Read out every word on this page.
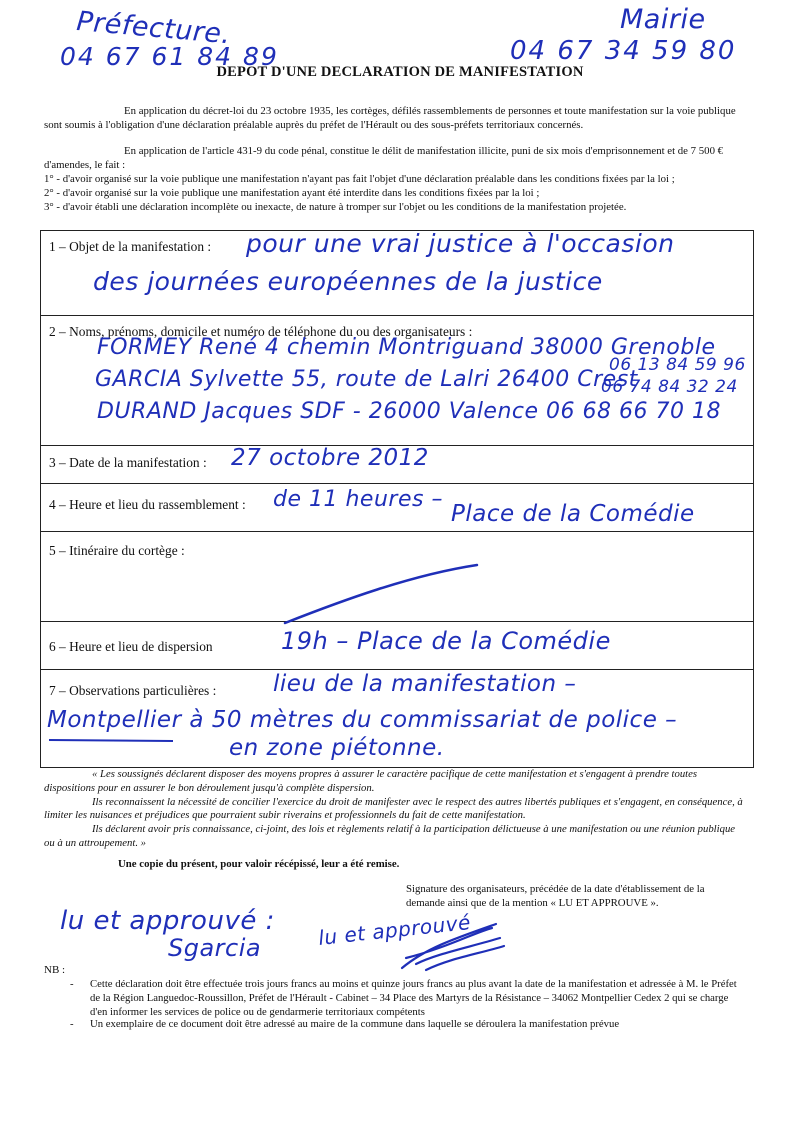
Préfecture.
04 67 61 84 89
Mairie
04 67 34 59 80
DEPOT D'UNE DECLARATION DE MANIFESTATION
En application du décret-loi du 23 octobre 1935, les cortèges, défilés rassemblements de personnes et toute manifestation sur la voie publique sont soumis à l'obligation d'une déclaration préalable auprès du préfet de l'Hérault ou des sous-préfets territoriaux concernés.
En application de l'article 431-9 du code pénal, constitue le délit de manifestation illicite, puni de six mois d'emprisonnement et de 7 500 € d'amendes, le fait :
1° - d'avoir organisé sur la voie publique une manifestation n'ayant pas fait l'objet d'une déclaration préalable dans les conditions fixées par la loi ;
2° - d'avoir organisé sur la voie publique une manifestation ayant été interdite dans les conditions fixées par la loi ;
3° - d'avoir établi une déclaration incomplète ou inexacte, de nature à tromper sur l'objet ou les conditions de la manifestation projetée.
1 – Objet de la manifestation : pour une vrai justice à l'occasion
des journées européennes de la justice
2 – Noms, prénoms, domicile et numéro de téléphone du ou des organisateurs :
FORMEY René 4 chemin Montriguand 38000 Grenoble
GARCIA Sylvette 55, route de Lalri 26400 Crest
06 13 84 59 96
06 74 84 32 24
DURAND Jacques SDF - 26000 Valence 06 68 66 70 18
3 – Date de la manifestation : 27 octobre 2012
4 – Heure et lieu du rassemblement : de 11 heures –
Place de la Comédie
5 – Itinéraire du cortège :
6 – Heure et lieu de dispersion	19h – Place de la Comédie
7 – Observations particulières : lieu de la manifestation –
Montpellier à 50 mètres du commissariat de police –
en zone piétonne.
« Les soussignés déclarent disposer des moyens propres à assurer le caractère pacifique de cette manifestation et s'engagent à prendre toutes dispositions pour en assurer le bon déroulement jusqu'à complète dispersion.
Ils reconnaissent la nécessité de concilier l'exercice du droit de manifester avec le respect des autres libertés publiques et s'engagent, en conséquence, à limiter les nuisances et préjudices que pourraient subir riverains et professionnels du fait de cette manifestation.
Ils déclarent avoir pris connaissance, ci-joint, des lois et règlements relatif à la participation délictueuse à une manifestation ou une réunion publique ou à un attroupement. »
Une copie du présent, pour valoir récépissé, leur a été remise.
Signature des organisateurs, précédée de la date d'établissement de la demande ainsi que de la mention « LU ET APPROUVE ».
lu et approuvé :
Sgarcia	lu et approuvé
NB :
- Cette déclaration doit être effectuée trois jours francs au moins et quinze jours francs au plus avant la date de la manifestation et adressée à M. le Préfet de la Région Languedoc-Roussillon, Préfet de l'Hérault - Cabinet – 34 Place des Martyrs de la Résistance – 34062 Montpellier Cedex 2 qui se charge d'en informer les services de police ou de gendarmerie territoriaux compétents
- Un exemplaire de ce document doit être adressé au maire de la commune dans laquelle se déroulera la manifestation prévue
